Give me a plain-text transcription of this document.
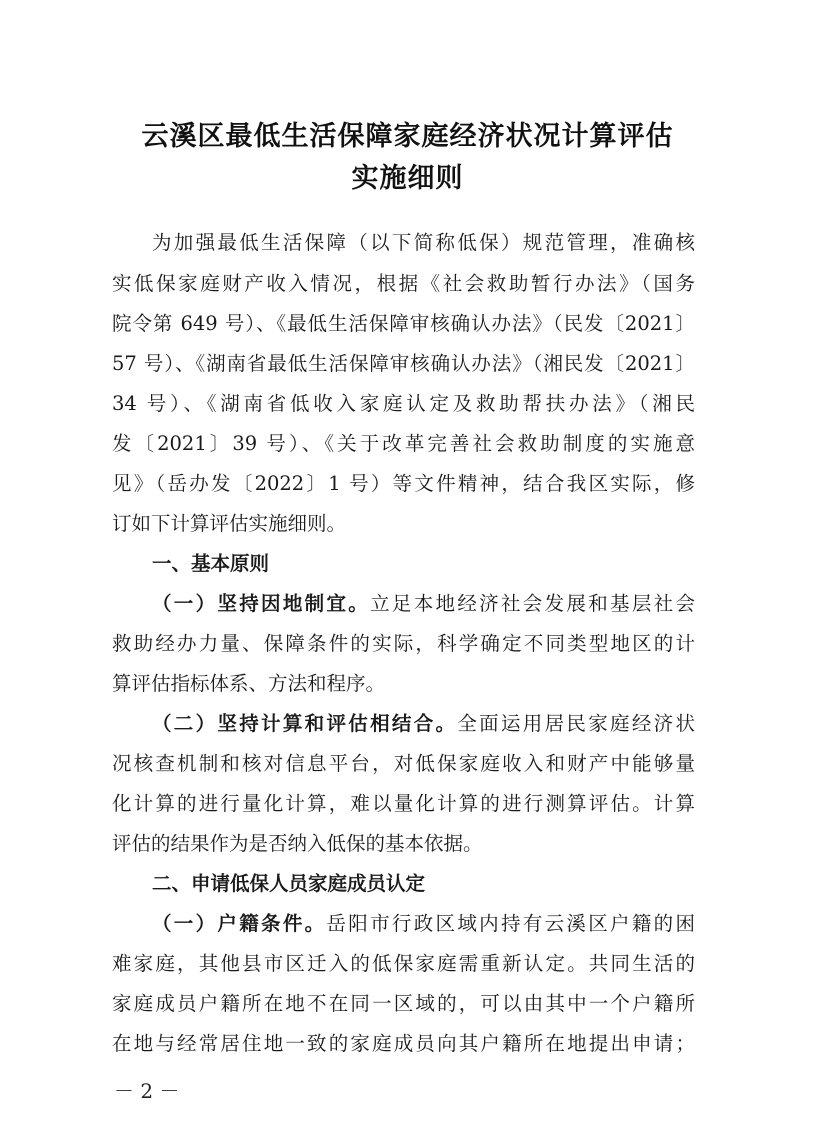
云溪区最低生活保障家庭经济状况计算评估
实施细则
为加强最低生活保障（以下简称低保）规范管理，准确核
实低保家庭财产收入情况，根据《社会救助暂行办法》（国务
院令第 649 号）、《最低生活保障审核确认办法》（民发〔2021〕
57 号）、《湖南省最低生活保障审核确认办法》（湘民发〔2021〕
34 号）、《湖南省低收入家庭认定及救助帮扶办法》（湘民
发〔2021〕39 号）、《关于改革完善社会救助制度的实施意
见》（岳办发〔2022〕1 号）等文件精神，结合我区实际，修
订如下计算评估实施细则。
一、基本原则
（一）坚持因地制宜。立足本地经济社会发展和基层社会
救助经办力量、保障条件的实际，科学确定不同类型地区的计
算评估指标体系、方法和程序。
（二）坚持计算和评估相结合。全面运用居民家庭经济状
况核查机制和核对信息平台，对低保家庭收入和财产中能够量
化计算的进行量化计算，难以量化计算的进行测算评估。计算
评估的结果作为是否纳入低保的基本依据。
二、申请低保人员家庭成员认定
（一）户籍条件。岳阳市行政区域内持有云溪区户籍的困
难家庭，其他县市区迁入的低保家庭需重新认定。共同生活的
家庭成员户籍所在地不在同一区域的，可以由其中一个户籍所
在地与经常居住地一致的家庭成员向其户籍所在地提出申请；
－ 2 －
